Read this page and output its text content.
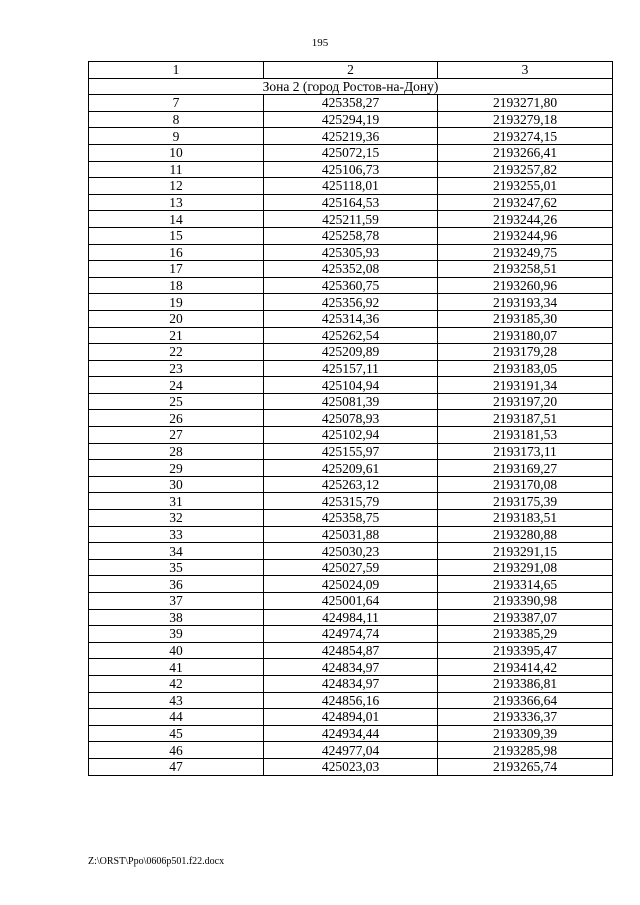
195
1	2	3
Зона 2 (город Ростов-на-Дону)		
7	425358,27	2193271,80
8	425294,19	2193279,18
9	425219,36	2193274,15
10	425072,15	2193266,41
11	425106,73	2193257,82
12	425118,01	2193255,01
13	425164,53	2193247,62
14	425211,59	2193244,26
15	425258,78	2193244,96
16	425305,93	2193249,75
17	425352,08	2193258,51
18	425360,75	2193260,96
19	425356,92	2193193,34
20	425314,36	2193185,30
21	425262,54	2193180,07
22	425209,89	2193179,28
23	425157,11	2193183,05
24	425104,94	2193191,34
25	425081,39	2193197,20
26	425078,93	2193187,51
27	425102,94	2193181,53
28	425155,97	2193173,11
29	425209,61	2193169,27
30	425263,12	2193170,08
31	425315,79	2193175,39
32	425358,75	2193183,51
33	425031,88	2193280,88
34	425030,23	2193291,15
35	425027,59	2193291,08
36	425024,09	2193314,65
37	425001,64	2193390,98
38	424984,11	2193387,07
39	424974,74	2193385,29
40	424854,87	2193395,47
41	424834,97	2193414,42
42	424834,97	2193386,81
43	424856,16	2193366,64
44	424894,01	2193336,37
45	424934,44	2193309,39
46	424977,04	2193285,98
47	425023,03	2193265,74
Z:\ORST\Ppo\0606p501.f22.docx
